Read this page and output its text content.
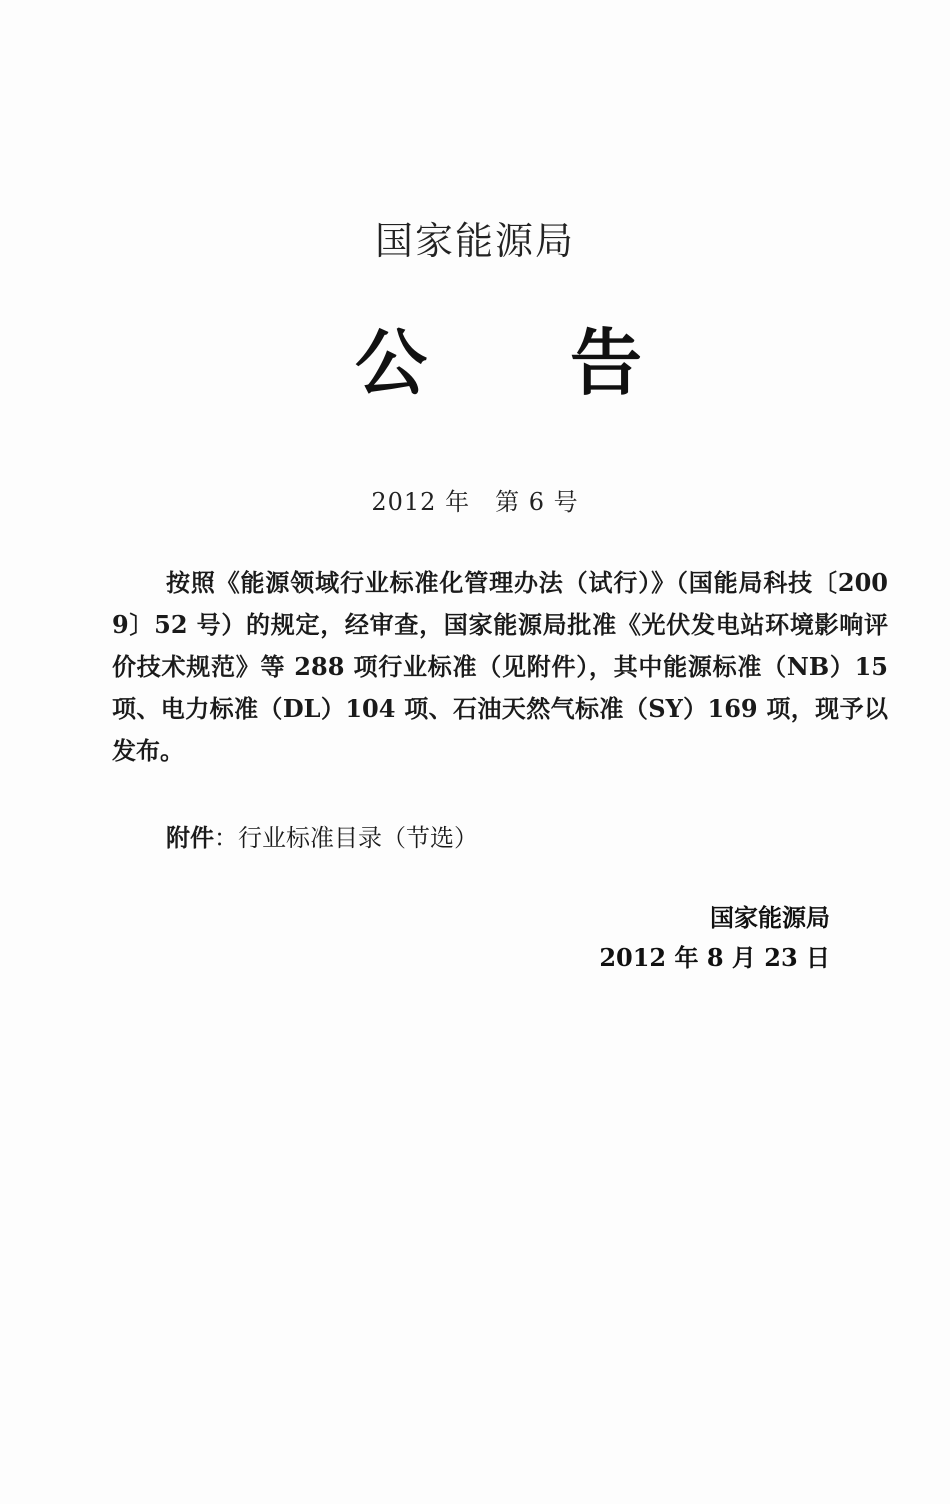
国家能源局
公 告
2012 年　第 6 号
按照《能源领域行业标准化管理办法（试行）》（国能局科技〔2009〕52 号）的规定，经审查，国家能源局批准《光伏发电站环境影响评价技术规范》等 288 项行业标准（见附件），其中能源标准（NB）15 项、电力标准（DL）104 项、石油天然气标准（SY）169 项，现予以发布。
附件：行业标准目录（节选）
国家能源局
2012 年 8 月 23 日
